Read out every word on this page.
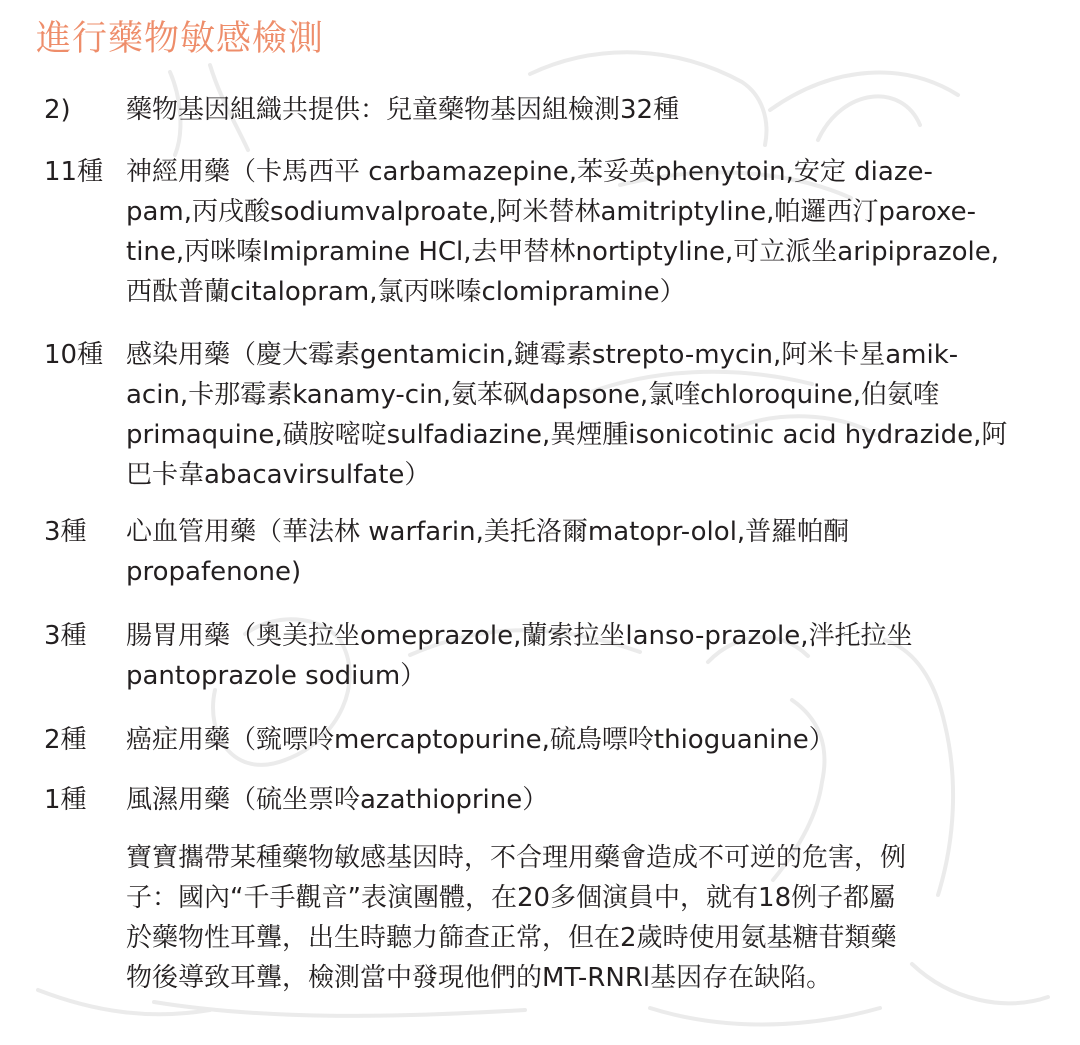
進行藥物敏感檢測
2) 藥物基因組織共提供：兒童藥物基因組檢測32種
11種 神經用藥（卡馬西平 carbamazepine,苯妥英phenytoin,安定 diaze-
pam,丙戌酸sodiumvalproate,阿米替林amitriptyline,帕邏西汀paroxe-
tine,丙咪嗪lmipramine HCl,去甲替林nortiptyline,可立派坐aripiprazole,
西酞普蘭citalopram,氯丙咪嗪clomipramine）
10種 感染用藥（慶大霉素gentamicin,鏈霉素strepto-mycin,阿米卡星amik-
acin,卡那霉素kanamy-cin,氨苯砜dapsone,氯喹chloroquine,伯氨喹
primaquine,磺胺嘧啶sulfadiazine,異煙腫isonicotinic acid hydrazide,阿
巴卡韋abacavirsulfate）
3種 心血管用藥（華法林 warfarin,美托洛爾matopr-olol,普羅帕酮
propafenone)
3種 腸胃用藥（奧美拉坐omeprazole,蘭索拉坐lanso-prazole,泮托拉坐
pantoprazole sodium）
2種 癌症用藥（巰嘌呤mercaptopurine,硫鳥嘌呤thioguanine）
1種 風濕用藥（硫坐票呤azathioprine）
寶寶攜帶某種藥物敏感基因時，不合理用藥會造成不可逆的危害，例
子：國內“千手觀音”表演團體，在20多個演員中，就有18例子都屬
於藥物性耳聾，出生時聽力篩查正常，但在2歲時使用氨基糖苷類藥
物後導致耳聾，檢測當中發現他們的MT-RNRl基因存在缺陷。
